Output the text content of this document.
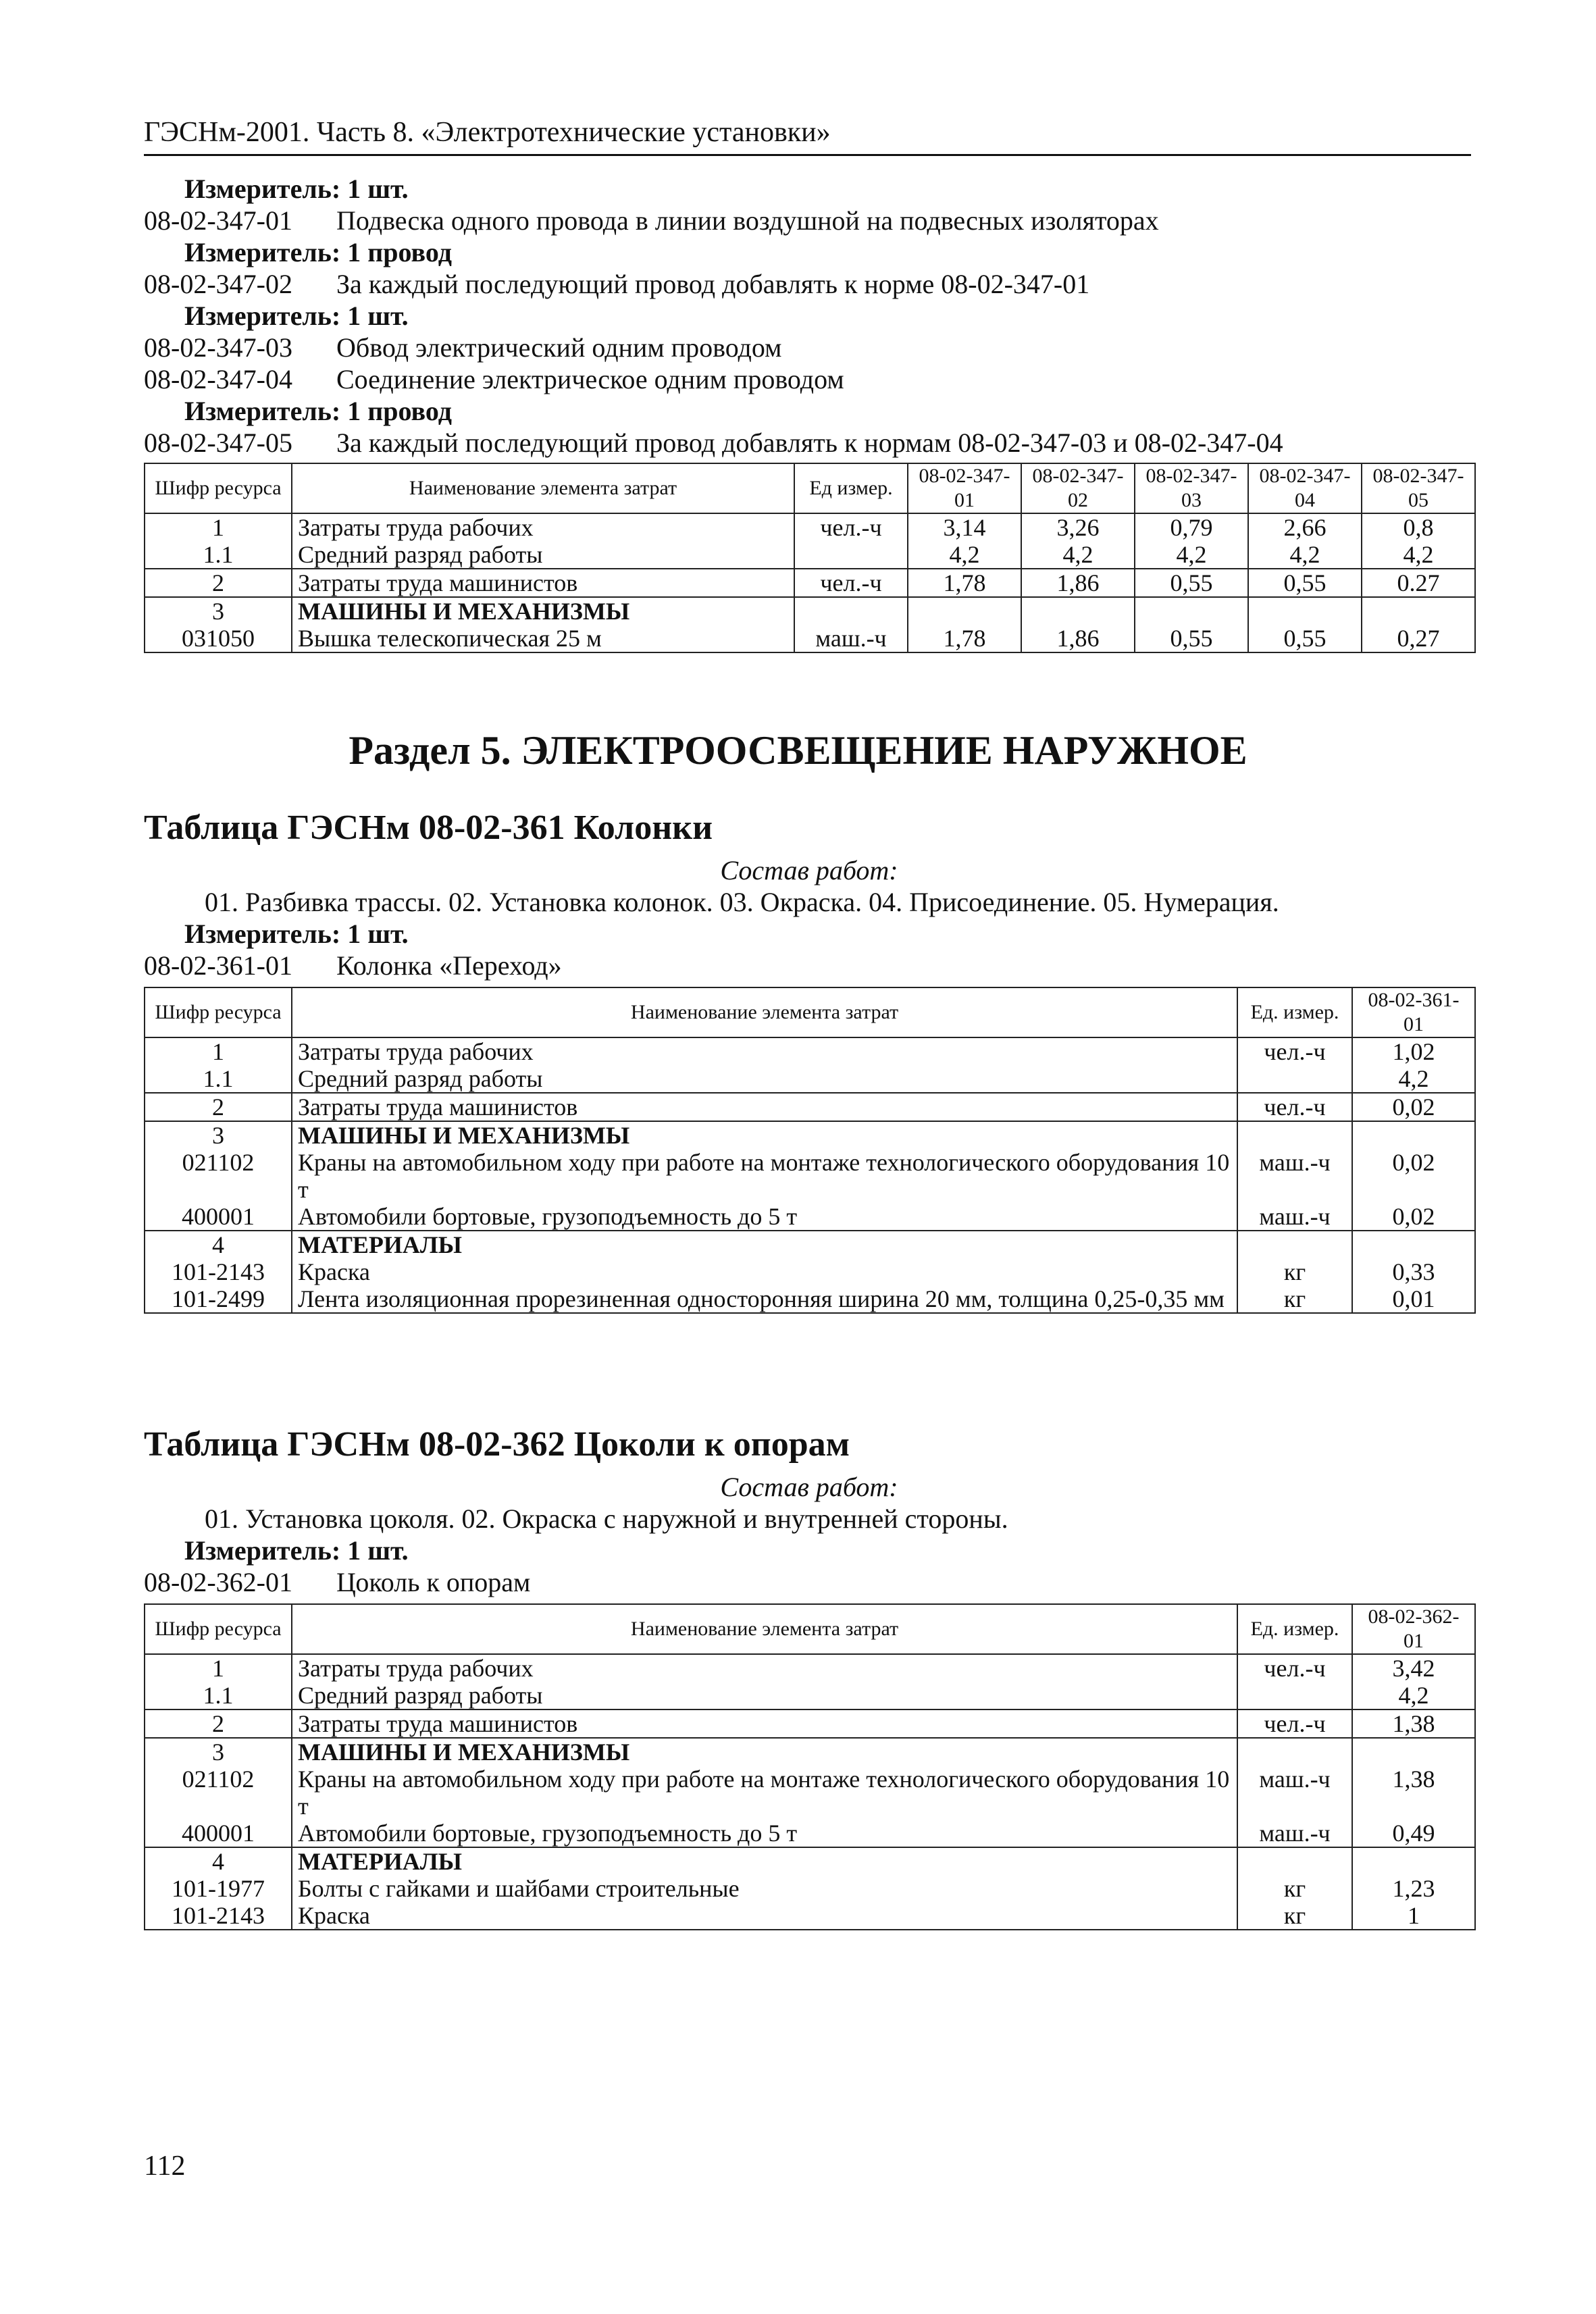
ГЭСНм-2001. Часть 8. «Электротехнические установки»
Измеритель: 1 шт.
08-02-347-01 Подвеска одного провода в линии воздушной на подвесных изоляторах
Измеритель: 1 провод
08-02-347-02 За каждый последующий провод добавлять к норме 08-02-347-01
Измеритель: 1 шт.
08-02-347-03 Обвод электрический одним проводом
08-02-347-04 Соединение электрическое одним проводом
Измеритель: 1 провод
08-02-347-05 За каждый последующий провод добавлять к нормам 08-02-347-03 и 08-02-347-04
Шифр ресурса	Наименование элемента затрат	Ед измер.	08-02-347-01	08-02-347-02	08-02-347-03	08-02-347-04	08-02-347-05	
1	Затраты труда рабочих	чел.-ч	3,14	3,26	0,79	2,66	0,8	
1.1	Средний разряд работы		4,2	4,2	4,2	4,2	4,2	
2	Затраты труда машинистов	чел.-ч	1,78	1,86	0,55	0,55	0.27	
3	МАШИНЫ И МЕХАНИЗМЫ							
031050	Вышка телескопическая 25 м	маш.-ч	1,78	1,86	0,55	0,55	0,27	
Раздел 5. ЭЛЕКТРООСВЕЩЕНИЕ НАРУЖНОЕ
Таблица ГЭСНм 08-02-361 Колонки
Состав работ:
01. Разбивка трассы. 02. Установка колонок. 03. Окраска. 04. Присоединение. 05. Нумерация.
Измеритель: 1 шт.
08-02-361-01 Колонка «Переход»
Шифр ресурса	Наименование элемента затрат	Ед. измер.	08-02-361-01
1	Затраты труда рабочих	чел.-ч	1,02
1.1	Средний разряд работы		4,2
2	Затраты труда машинистов	чел.-ч	0,02
3	МАШИНЫ И МЕХАНИЗМЫ		
021102	Краны на автомобильном ходу при работе на монтаже технологического оборудования 10 т	маш.-ч	0,02
400001	Автомобили бортовые, грузоподъемность до 5 т	маш.-ч	0,02
4	МАТЕРИАЛЫ		
101-2143	Краска	кг	0,33
101-2499	Лента изоляционная прорезиненная односторонняя ширина 20 мм, толщина 0,25-0,35 мм	кг	0,01
Таблица ГЭСНм 08-02-362 Цоколи к опорам
Состав работ:
01. Установка цоколя. 02. Окраска с наружной и внутренней стороны.
Измеритель: 1 шт.
08-02-362-01 Цоколь к опорам
Шифр ресурса	Наименование элемента затрат	Ед. измер.	08-02-362-01
1	Затраты труда рабочих	чел.-ч	3,42
1.1	Средний разряд работы		4,2
2	Затраты труда машинистов	чел.-ч	1,38
3	МАШИНЫ И МЕХАНИЗМЫ		
021102	Краны на автомобильном ходу при работе на монтаже технологического оборудования 10 т	маш.-ч	1,38
400001	Автомобили бортовые, грузоподъемность до 5 т	маш.-ч	0,49
4	МАТЕРИАЛЫ		
101-1977	Болты с гайками и шайбами строительные	кг	1,23
101-2143	Краска	кг	1
112
